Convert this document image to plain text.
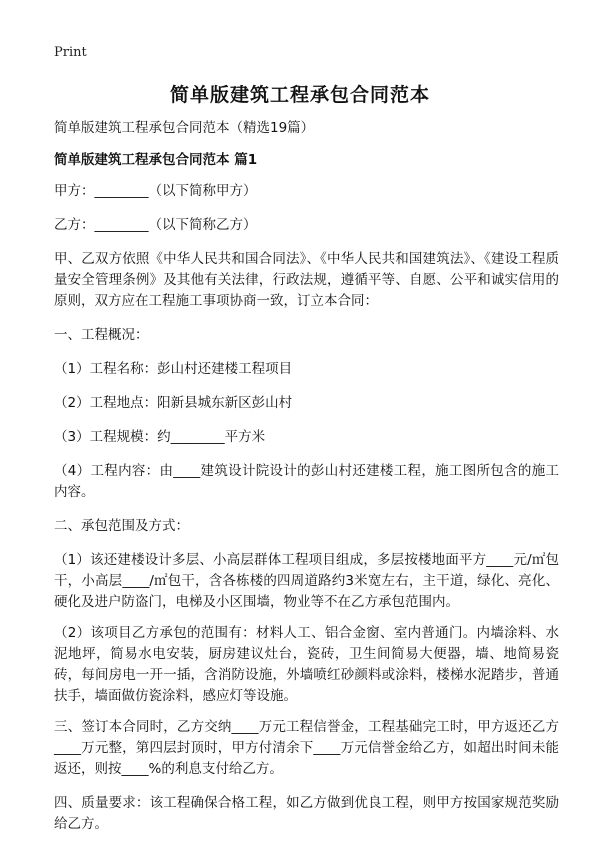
Print
简单版建筑工程承包合同范本

简单版建筑工程承包合同范本（精选19篇）

简单版建筑工程承包合同范本 篇1

甲方：________（以下简称甲方）

乙方：________（以下简称乙方）

甲、乙双方依照《中华人民共和国合同法》、《中华人民共和国建筑法》、《建设工程质量安全管理条例》及其他有关法律，行政法规，遵循平等、自愿、公平和诚实信用的原则，双方应在工程施工事项协商一致，订立本合同：

一、工程概况：

（1）工程名称：彭山村还建楼工程项目

（2）工程地点：阳新县城东新区彭山村

（3）工程规模：约________平方米

（4）工程内容：由____建筑设计院设计的彭山村还建楼工程，施工图所包含的施工内容。

二、承包范围及方式：

（1）该还建楼设计多层、小高层群体工程项目组成，多层按楼地面平方____元/㎡包干，小高层____/㎡包干，含各栋楼的四周道路约3米宽左右，主干道，绿化、亮化、硬化及进户防盗门，电梯及小区围墙，物业等不在乙方承包范围内。

（2）该项目乙方承包的范围有：材料人工、铝合金窗、室内普通门。内墙涂料、水泥地坪，简易水电安装，厨房建议灶台，瓷砖，卫生间简易大便器，墙、地简易瓷砖，每间房电一开一插，含消防设施，外墙喷红砂颜料或涂料，楼梯水泥踏步，普通扶手，墙面做仿瓷涂料，感应灯等设施。

三、签订本合同时，乙方交纳____万元工程信誉金，工程基础完工时，甲方返还乙方____万元整，第四层封顶时，甲方付清余下____万元信誉金给乙方，如超出时间未能返还，则按____%的利息支付给乙方。

四、质量要求：该工程确保合格工程，如乙方做到优良工程，则甲方按国家规范奖励给乙方。
